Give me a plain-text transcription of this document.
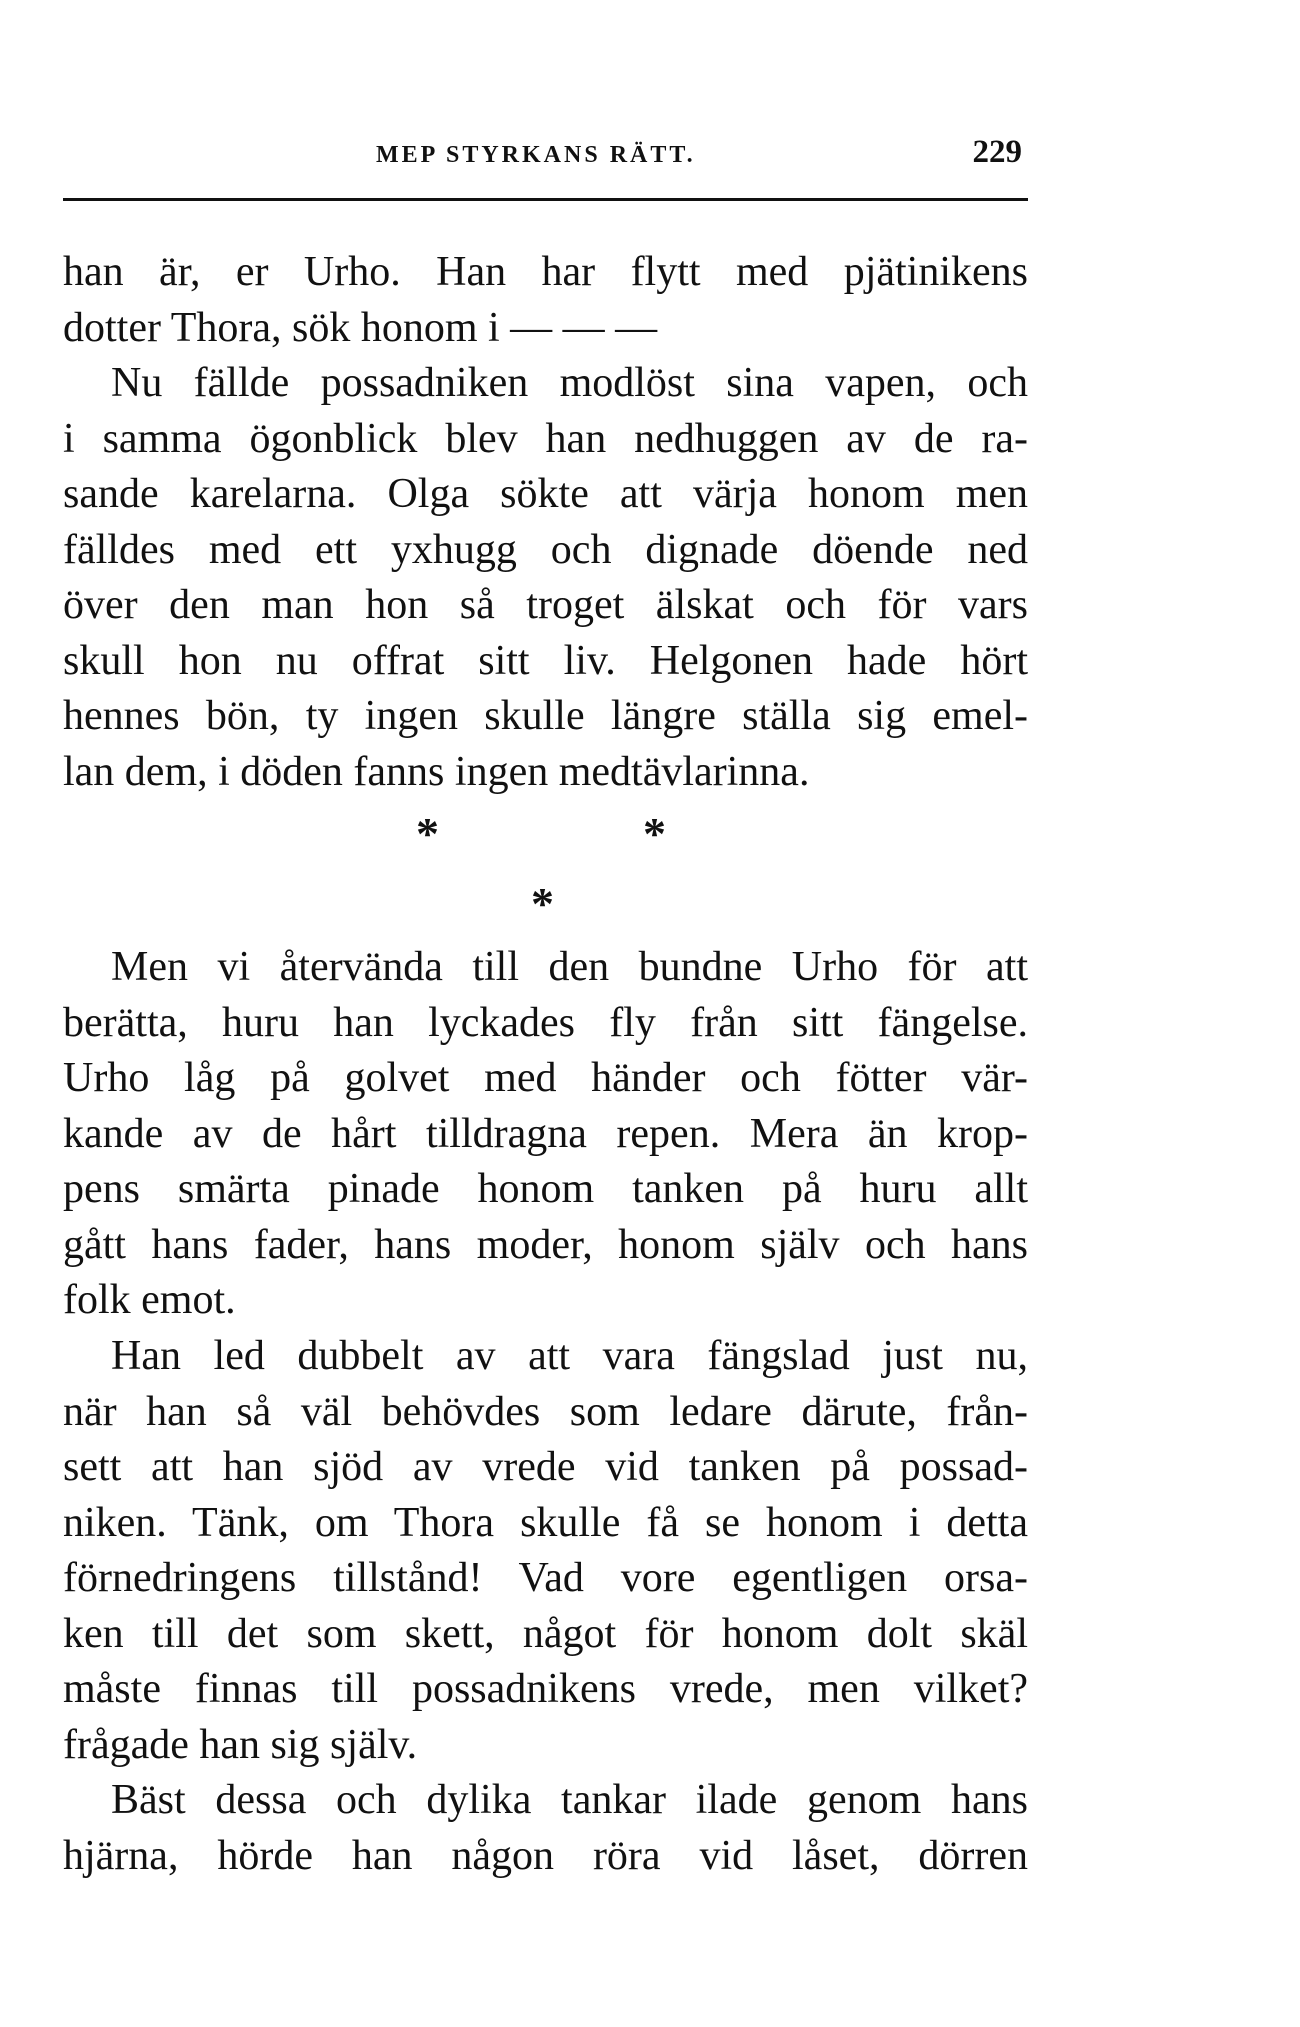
MEP STYRKANS RÄTT.	229
han är, er Urho. Han har flytt med pjätinikens
dotter Thora, sök honom i — — —
Nu fällde possadniken modlöst sina vapen, och
i samma ögonblick blev han nedhuggen av de ra-
sande karelarna. Olga sökte att värja honom men
fälldes med ett yxhugg och dignade döende ned
över den man hon så troget älskat och för vars
skull hon nu offrat sitt liv. Helgonen hade hört
hennes bön, ty ingen skulle längre ställa sig emel-
lan dem, i döden fanns ingen medtävlarinna.
*	*
*
Men vi återvända till den bundne Urho för att
berätta, huru han lyckades fly från sitt fängelse.
Urho låg på golvet med händer och fötter vär-
kande av de hårt tilldragna repen. Mera än krop-
pens smärta pinade honom tanken på huru allt
gått hans fader, hans moder, honom själv och hans
folk emot.
Han led dubbelt av att vara fängslad just nu,
när han så väl behövdes som ledare därute, från-
sett att han sjöd av vrede vid tanken på possad-
niken. Tänk, om Thora skulle få se honom i detta
förnedringens tillstånd! Vad vore egentligen orsa-
ken till det som skett, något för honom dolt skäl
måste finnas till possadnikens vrede, men vilket?
frågade han sig själv.
Bäst dessa och dylika tankar ilade genom hans
hjärna, hörde han någon röra vid låset, dörren
